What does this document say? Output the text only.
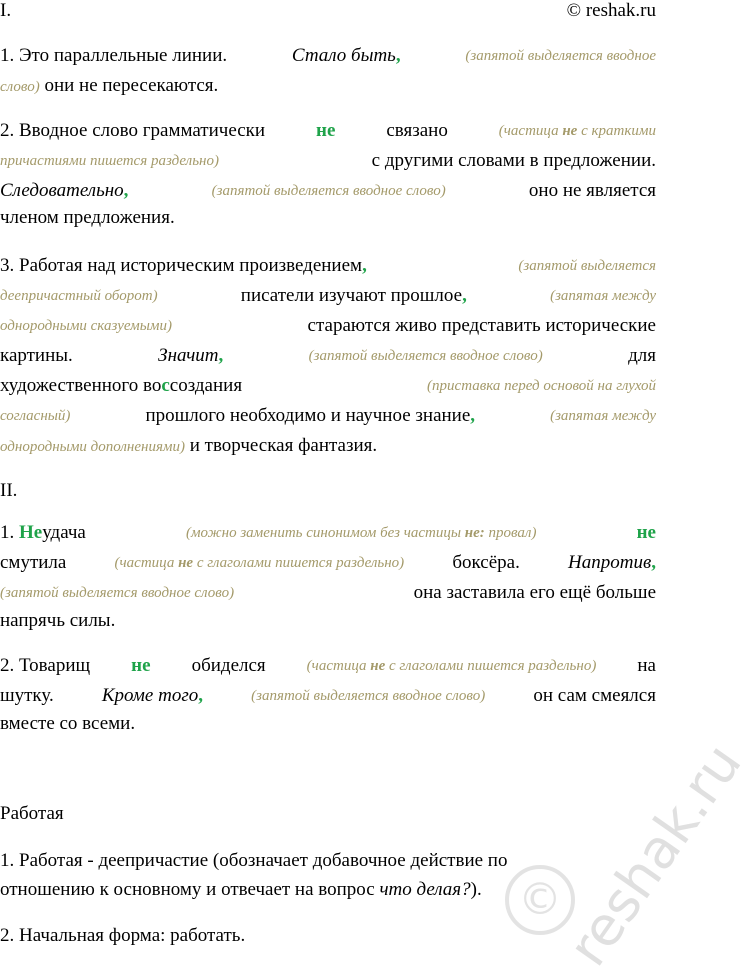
I.	© reshak.ru
1. Это параллельные линии.	Стало быть,	(запятой выделяется вводное
слово) они не пересекаются.
2. Вводное слово грамматически	не	связано	(частица не с краткими
причастиями пишется раздельно)	с другими словами в предложении.
Следовательно,	(запятой выделяется вводное слово)	оно не является
членом предложения.
3. Работая над историческим произведением,	(запятой выделяется
деепричастный оборот)	писатели изучают прошлое,	(запятая между
однородными сказуемыми)	стараются живо представить исторические
картины.	Значит,	(запятой выделяется вводное слово)	для
художественного воссоздания	(приставка перед основой на глухой
согласный)	прошлого необходимо и научное знание,	(запятая между
однородными дополнениями) и творческая фантазия.
II.
1. Неудача	(можно заменить синонимом без частицы не: провал)	не
смутила	(частица не с глаголами пишется раздельно)	боксёра.	Напротив,
(запятой выделяется вводное слово)	она заставила его ещё больше
напрячь силы.
2. Товарищ не обиделся	(частица не с глаголами пишется раздельно) на
шутку.	Кроме того,	(запятой выделяется вводное слово)	он сам смеялся
вместе со всеми.
Работая
1. Работая - деепричастие (обозначает добавочное действие по
отношению к основному и отвечает на вопрос что делая?).
2. Начальная форма: работать.	reshak.ru
©
